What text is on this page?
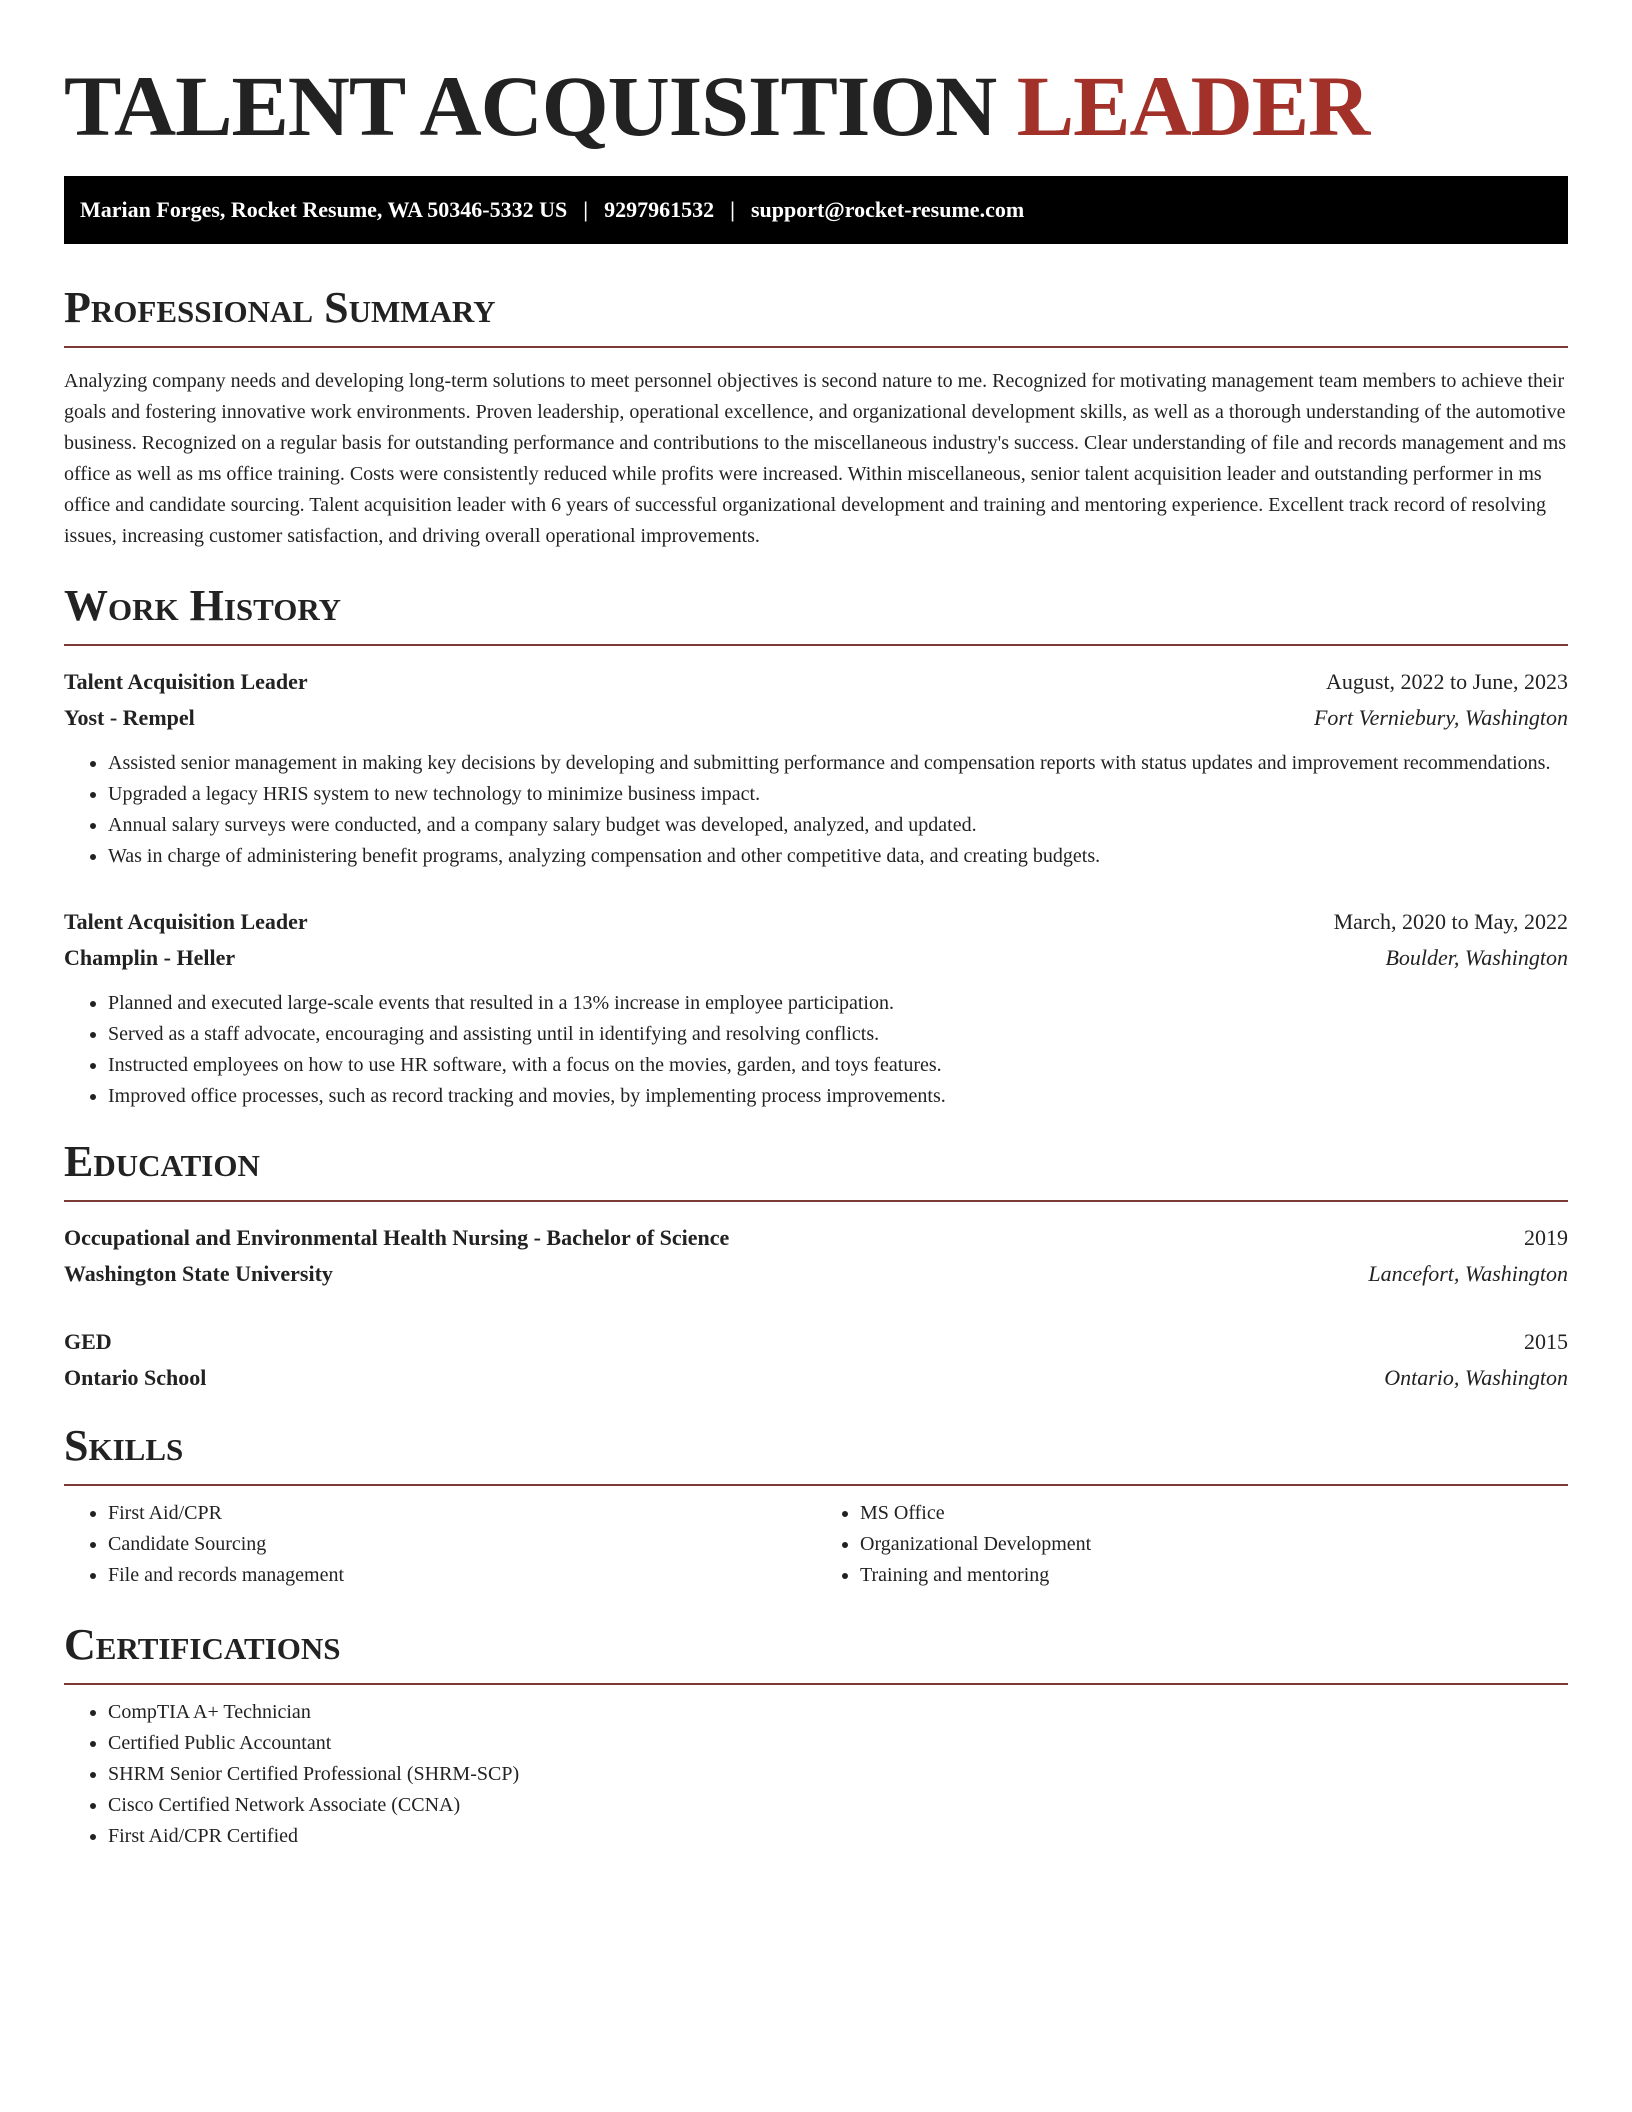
TALENT ACQUISITION LEADER
Marian Forges, Rocket Resume, WA 50346-5332 US | 9297961532 | support@rocket-resume.com
Professional Summary

Analyzing company needs and developing long-term solutions to meet personnel objectives is second nature to me. Recognized for motivating management team members to achieve their goals and fostering innovative work environments. Proven leadership, operational excellence, and organizational development skills, as well as a thorough understanding of the automotive business. Recognized on a regular basis for outstanding performance and contributions to the miscellaneous industry's success. Clear understanding of file and records management and ms office as well as ms office training. Costs were consistently reduced while profits were increased. Within miscellaneous, senior talent acquisition leader and outstanding performer in ms office and candidate sourcing. Talent acquisition leader with 6 years of successful organizational development and training and mentoring experience. Excellent track record of resolving issues, increasing customer satisfaction, and driving overall operational improvements.

Work History
Talent Acquisition Leader	August, 2022 to June, 2023
Yost - Rempel	Fort Verniebury, Washington
• Assisted senior management in making key decisions by developing and submitting performance and compensation reports with status updates and improvement recommendations.
• Upgraded a legacy HRIS system to new technology to minimize business impact.
• Annual salary surveys were conducted, and a company salary budget was developed, analyzed, and updated.
• Was in charge of administering benefit programs, analyzing compensation and other competitive data, and creating budgets.
Talent Acquisition Leader	March, 2020 to May, 2022
Champlin - Heller	Boulder, Washington
• Planned and executed large-scale events that resulted in a 13% increase in employee participation.
• Served as a staff advocate, encouraging and assisting until in identifying and resolving conflicts.
• Instructed employees on how to use HR software, with a focus on the movies, garden, and toys features.
• Improved office processes, such as record tracking and movies, by implementing process improvements.
Education
Occupational and Environmental Health Nursing - Bachelor of Science	2019
Washington State University	Lancefort, Washington
GED	2015
Ontario School	Ontario, Washington
Skills
• First Aid/CPR
• Candidate Sourcing
• File and records management
• MS Office
• Organizational Development
• Training and mentoring
Certifications
• CompTIA A+ Technician
• Certified Public Accountant
• SHRM Senior Certified Professional (SHRM-SCP)
• Cisco Certified Network Associate (CCNA)
• First Aid/CPR Certified
